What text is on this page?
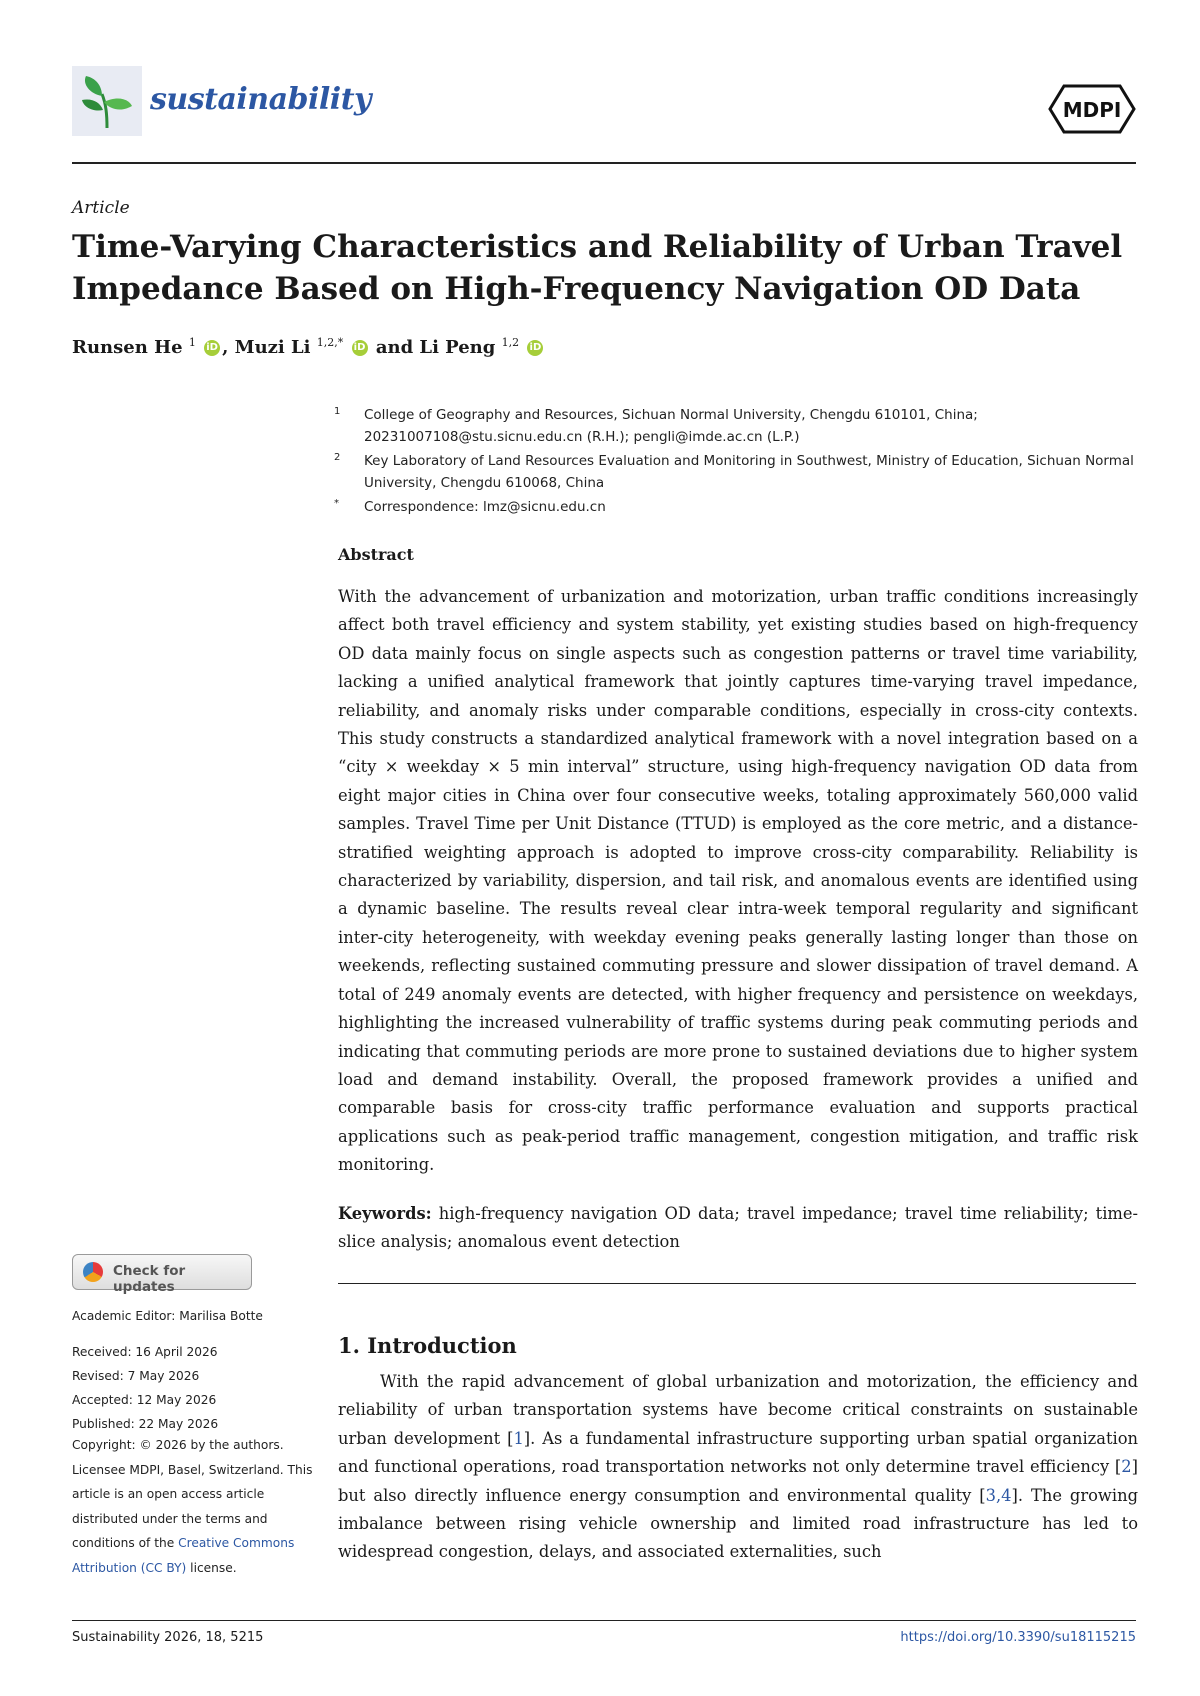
sustainability	MDPI
Article
Time-Varying Characteristics and Reliability of Urban Travel Impedance Based on High-Frequency Navigation OD Data
Runsen He $^1$ iD , Muzi Li $^{1,2,*}$ iD and Li Peng $^{1,2}$ iD
1 College of Geography and Resources, Sichuan Normal University, Chengdu 610101, China; 20231007108@stu.sicnu.edu.cn (R.H.); pengli@imde.ac.cn (L.P.)
2 Key Laboratory of Land Resources Evaluation and Monitoring in Southwest, Ministry of Education, Sichuan Normal University, Chengdu 610068, China
* Correspondence: lmz@sicnu.edu.cn
Abstract
With the advancement of urbanization and motorization, urban traffic conditions increasingly affect both travel efficiency and system stability, yet existing studies based on high-frequency OD data mainly focus on single aspects such as congestion patterns or travel time variability, lacking a unified analytical framework that jointly captures time-varying travel impedance, reliability, and anomaly risks under comparable conditions, especially in cross-city contexts. This study constructs a standardized analytical framework with a novel integration based on a “city × weekday × 5 min interval” structure, using high-frequency navigation OD data from eight major cities in China over four consecutive weeks, totaling approximately 560,000 valid samples. Travel Time per Unit Distance (TTUD) is employed as the core metric, and a distance-stratified weighting approach is adopted to improve cross-city comparability. Reliability is characterized by variability, dispersion, and tail risk, and anomalous events are identified using a dynamic baseline. The results reveal clear intra-week temporal regularity and significant inter-city heterogeneity, with weekday evening peaks generally lasting longer than those on weekends, reflecting sustained commuting pressure and slower dissipation of travel demand. A total of 249 anomaly events are detected, with higher frequency and persistence on weekdays, highlighting the increased vulnerability of traffic systems during peak commuting periods and indicating that commuting periods are more prone to sustained deviations due to higher system load and demand instability. Overall, the proposed framework provides a unified and comparable basis for cross-city traffic performance evaluation and supports practical applications such as peak-period traffic management, congestion mitigation, and traffic risk monitoring.
Keywords: high-frequency navigation OD data; travel impedance; travel time reliability; time-slice analysis; anomalous event detection
1. Introduction
With the rapid advancement of global urbanization and motorization, the efficiency and reliability of urban transportation systems have become critical constraints on sustainable urban development [1]. As a fundamental infrastructure supporting urban spatial organization and functional operations, road transportation networks not only determine travel efficiency [2] but also directly influence energy consumption and environmental quality [3,4]. The growing imbalance between rising vehicle ownership and limited road infrastructure has led to widespread congestion, delays, and associated externalities, such
Check for updates
Academic Editor: Marilisa Botte
Received: 16 April 2026
Revised: 7 May 2026
Accepted: 12 May 2026
Published: 22 May 2026
Copyright: © 2026 by the authors. Licensee MDPI, Basel, Switzerland. This article is an open access article distributed under the terms and conditions of the Creative Commons Attribution (CC BY) license.
Sustainability 2026, 18, 5215	https://doi.org/10.3390/su18115215
